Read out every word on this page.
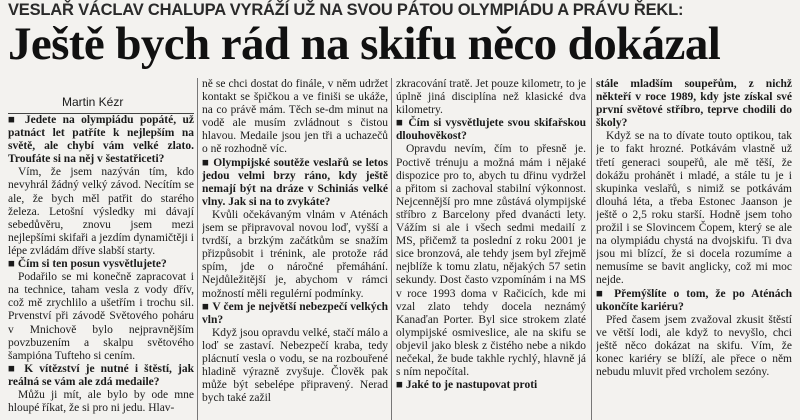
VESLAŘ VÁCLAV CHALUPA VYRÁŽÍ UŽ NA SVOU PÁTOU OLYMPIÁDU A PRÁVU ŘEKL:
Ještě bych rád na skifu něco dokázal

Martin Kézr

■ Jedete na olympiádu popáté, už patnáct let patříte k nejlepším na světě, ale chybí vám velké zlato. Troufáte si na něj v šestatřiceti?

Vím, že jsem nazýván tím, kdo nevyhrál žádný velký závod. Necítím se ale, že bych měl patřit do starého železa. Letošní výsledky mi dávají sebedůvěru, znovu jsem mezi nejlepšími skifaři a jezdím dynamičtěji i lépe zvládám dříve slabší starty.

■ Čím si ten posun vysvětlujete?

Podařilo se mi konečně zapracovat i na technice, taham vesla z vody dřív, což mě zrychlilo a ušetřím i trochu sil. Prvenství při závodě Světového poháru v Mnichově bylo nejpravnějším povzbuzením a skalpu světového šampióna Tufteho si cením.

■ K vítězství je nutné i štěstí, jak reálná se vám ale zdá medaile?

Můžu ji mít, ale bylo by ode mne hloupé říkat, že si pro ni jedu. Hlav-

ně se chci dostat do finále, v něm udržet kontakt se špičkou a ve finiši se ukáže, na co právě mám. Těch se-dm minut na vodě ale musím zvládnout s čistou hlavou. Medaile jsou jen tři a uchazečů o ně rozhodně víc.

■ Olympijské soutěže veslařů se letos jedou velmi brzy ráno, kdy ještě nemají být na dráze v Schiniás velké vlny. Jak si na to zvykáte?

Kvůli očekávaným vlnám v Aténách jsem se připravoval novou loď, vyšší a tvrdší, a brzkým začátkům se snažím přizpůsobit i trénink, ale protože rád spím, jde o náročné přemáhání. Nejdůležitější je, abychom v rámci možností měli regulérní podmínky.

■ V čem je největší nebezpečí velkých vln?

Když jsou opravdu velké, stačí málo a loď se zastaví. Nebezpečí kraba, tedy plácnutí vesla o vodu, se na rozbouřené hladině výrazně zvyšuje. Člověk pak může být sebelépe připravený. Nerad bych také zažil

zkracování tratě. Jet pouze kilometr, to je úplně jiná disciplína než klasické dva kilometry.

■ Čím si vysvětlujete svou skifařskou dlouhověkost?

Opravdu nevím, čím to přesně je. Poctivě trénuju a možná mám i nějaké dispozice pro to, abych tu dřinu vydržel a přitom si zachoval stabilní výkonnost. Nejcennější pro mne zůstává olympijské stříbro z Barcelony před dvanácti lety. Vážím si ale i všech sedmi medailí z MS, přičemž ta poslední z roku 2001 je sice bronzová, ale tehdy jsem byl zřejmě nejblíže k tomu zlatu, nějakých 57 setin sekundy. Dost často vzpomínám i na MS v roce 1993 doma v Račicích, kde mi vzal zlato tehdy docela neznámý Kanaďan Porter. Byl sice strokem zlaté olympijské osmiveslice, ale na skifu se objevil jako blesk z čistého nebe a nikdo nečekal, že bude takhle rychlý, hlavně já s ním nepočítal.

■ Jaké to je nastupovat proti

stále mladším soupeřům, z nichž někteří v roce 1989, kdy jste získal své první světové stříbro, teprve chodili do školy?

Když se na to dívate touto optikou, tak je to fakt hrozné. Potkávám vlastně už třetí generaci soupeřů, ale mě těší, že dokážu prohánět i mladé, a stále tu je i skupinka veslařů, s nimiž se potkávám dlouhá léta, a třeba Estonec Jaanson je ještě o 2,5 roku starší. Hodně jsem toho prožil i se Slovincem Čopem, který se ale na olympiádu chystá na dvojskifu. Ti dva jsou mi blízcí, že si docela rozumíme a nemusíme se bavit anglicky, což mi moc nejde.

■ Přemýšlíte o tom, že po Aténách ukončíte kariéru?

Před časem jsem zvažoval zkusit štěstí ve větší lodi, ale když to nevyšlo, chci ještě něco dokázat na skifu. Vím, že konec kariéry se blíží, ale přece o něm nebudu mluvit před vrcholem sezóny.
